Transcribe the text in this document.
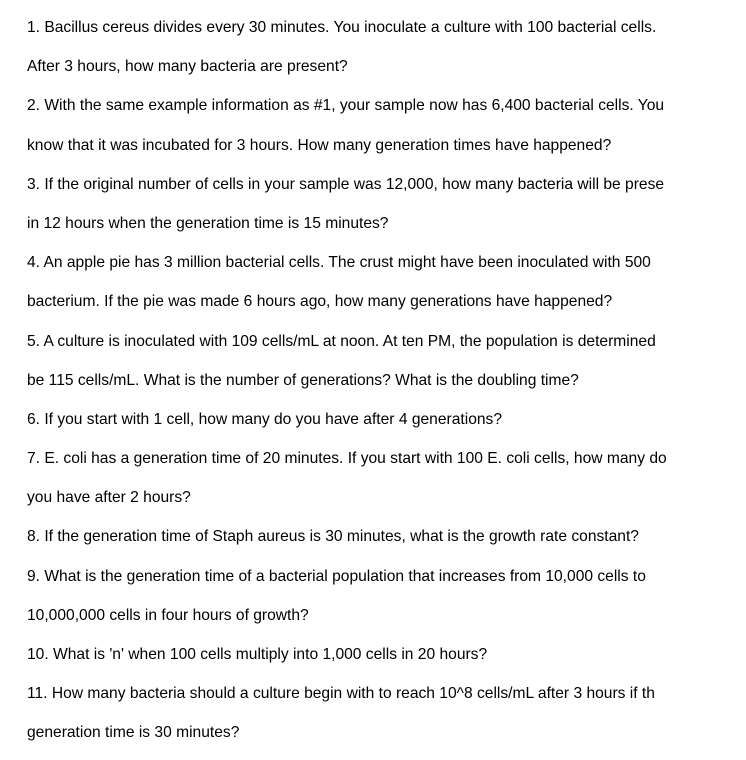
1. Bacillus cereus divides every 30 minutes. You inoculate a culture with 100 bacterial cells.
After 3 hours, how many bacteria are present?
2. With the same example information as #1, your sample now has 6,400 bacterial cells. You
know that it was incubated for 3 hours. How many generation times have happened?
3. If the original number of cells in your sample was 12,000, how many bacteria will be prese
in 12 hours when the generation time is 15 minutes?
4. An apple pie has 3 million bacterial cells. The crust might have been inoculated with 500
bacterium. If the pie was made 6 hours ago, how many generations have happened?
5. A culture is inoculated with 109 cells/mL at noon. At ten PM, the population is determined
be 115 cells/mL. What is the number of generations? What is the doubling time?
6. If you start with 1 cell, how many do you have after 4 generations?
7. E. coli has a generation time of 20 minutes. If you start with 100 E. coli cells, how many do
you have after 2 hours?
8. If the generation time of Staph aureus is 30 minutes, what is the growth rate constant?
9. What is the generation time of a bacterial population that increases from 10,000 cells to
10,000,000 cells in four hours of growth?
10. What is 'n' when 100 cells multiply into 1,000 cells in 20 hours?
11. How many bacteria should a culture begin with to reach 10^8 cells/mL after 3 hours if th
generation time is 30 minutes?
